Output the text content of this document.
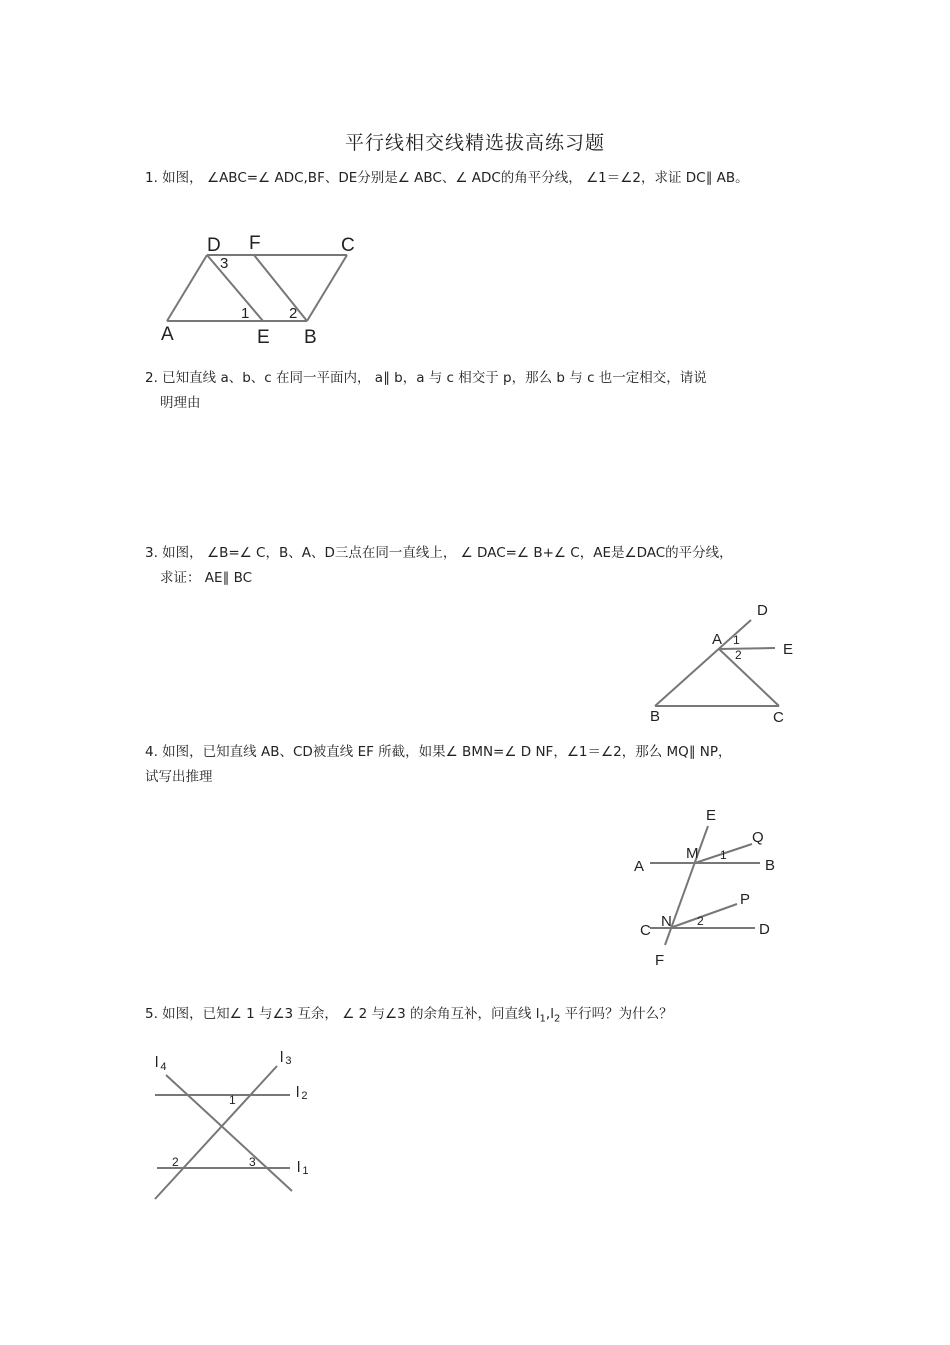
平行线相交线精选拔高练习题
1. 如图， ∠ABC=∠ ADC,BF、DE分别是∠ ABC、∠ ADC的角平分线， ∠1＝∠2，求证 DC∥ AB。
2. 已知直线 a、b、c 在同一平面内， a∥ b，a 与 c 相交于 p，那么 b 与 c 也一定相交，请说
明理由
3. 如图， ∠B=∠ C，B、A、D三点在同一直线上， ∠ DAC=∠ B+∠ C，AE是∠DAC的平分线，
求证： AE∥ BC
4. 如图，已知直线 AB、CD被直线 EF 所截，如果∠ BMN=∠ D NF，∠1＝∠2，那么 MQ∥ NP，
试写出推理
5. 如图，已知∠ 1 与∠3 互余， ∠ 2 与∠3 的余角互补，问直线 $l_1,l_2$ 平行吗？为什么？
D F	C
A	E B
3
1	2
D
A
E
B	C
1
2
E
Q
M
A	B
P
N
C	D
F
1
2
l $_4$
l 3
l 2
l 1
1
2	3
